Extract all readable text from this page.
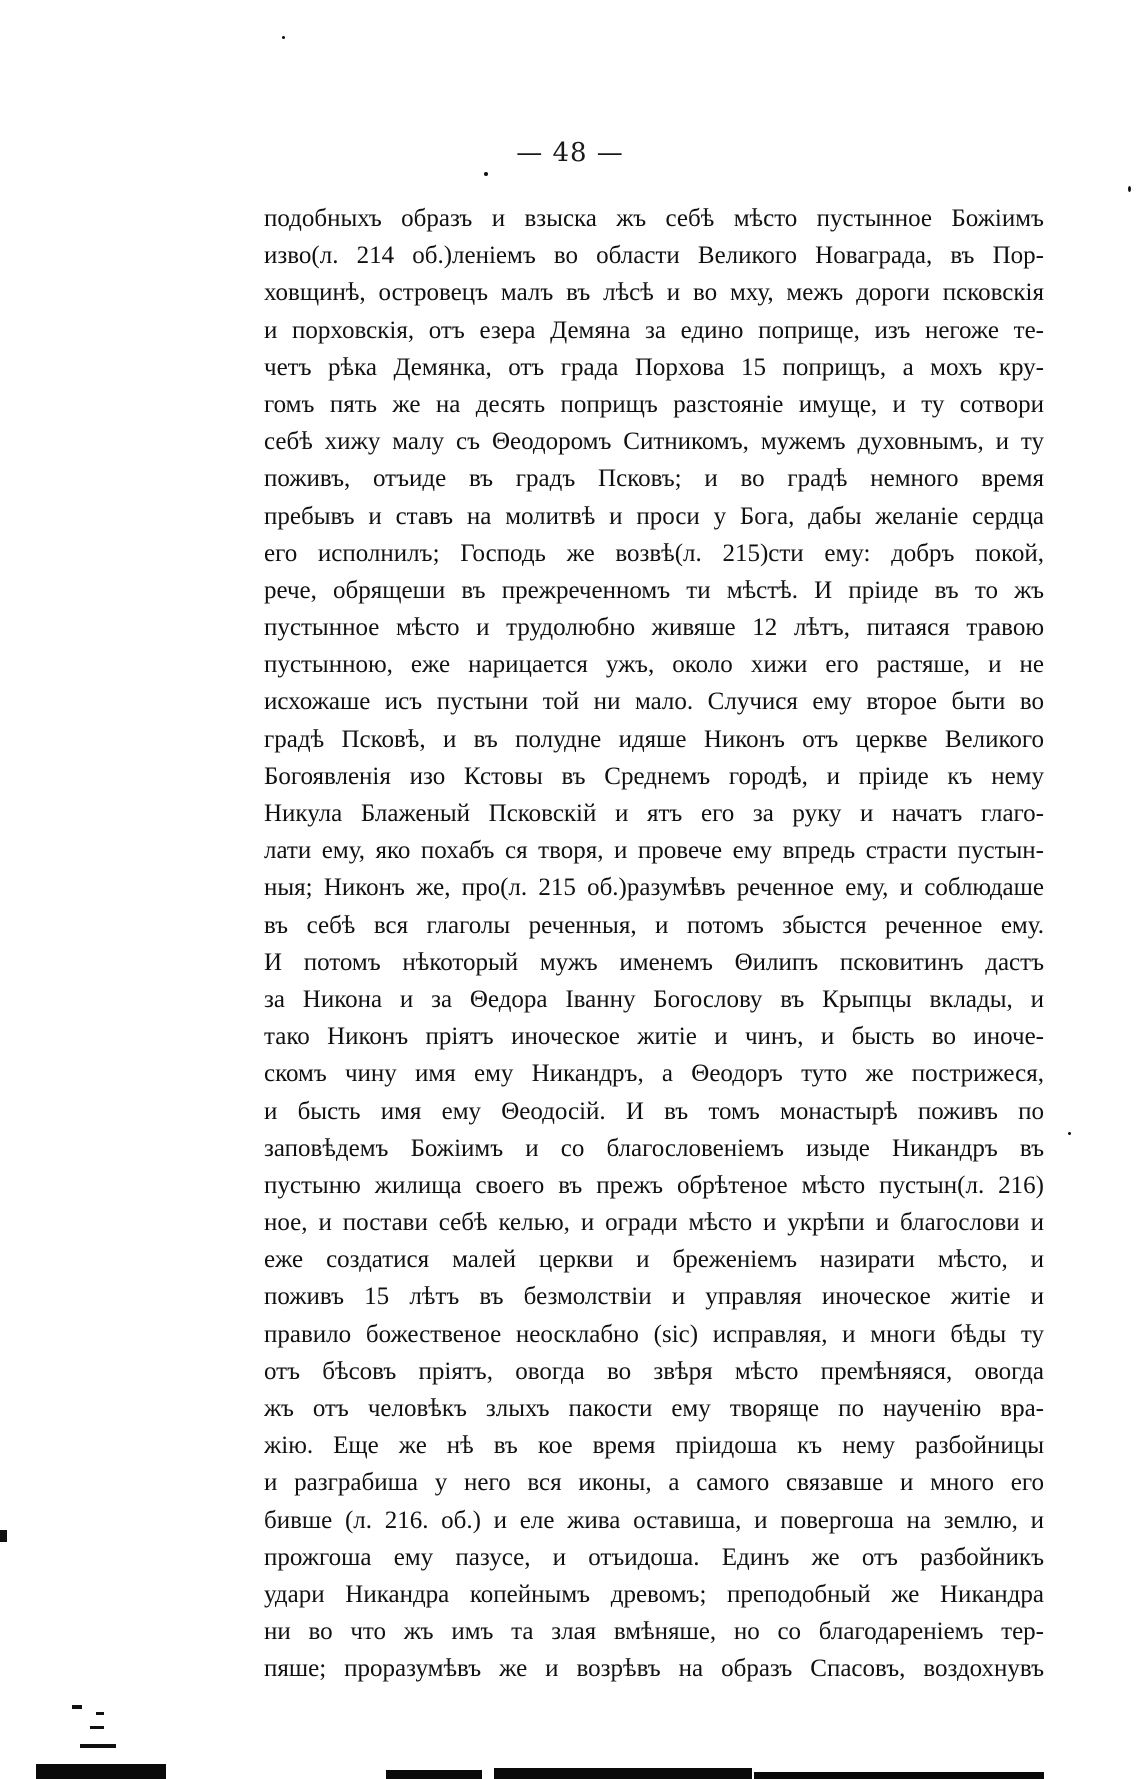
— 48 —
подобныхъ образъ и взыска жъ себѣ мѣсто пустынное Божіимъ
изво(л. 214 об.)леніемъ во области Великого Новаграда, въ Пор-
ховщинѣ, островецъ малъ въ лѣсѣ и во мху, межъ дороги псковскія
и порховскія, отъ езера Демяна за едино поприще, изъ негоже те-
четъ рѣка Демянка, отъ града Порхова 15 поприщъ, а мохъ кру-
гомъ пять же на десять поприщъ разстояніе имуще, и ту сотвори
себѣ хижу малу съ Θеодоромъ Ситникомъ, мужемъ духовнымъ, и ту
поживъ, отъиде въ градъ Псковъ; и во градѣ немного время
пребывъ и ставъ на молитвѣ и проси у Бога, дабы желаніе сердца
его исполнилъ; Господь же возвѣ(л. 215)сти ему: добръ покой,
рече, обрящеши въ прежреченномъ ти мѣстѣ. И пріиде въ то жъ
пустынное мѣсто и трудолюбно живяше 12 лѣтъ, питаяся травою
пустынною, еже нарицается ужъ, около хижи его растяше, и не
исхожаше исъ пустыни той ни мало. Случися ему второе быти во
градѣ Псковѣ, и въ полудне идяше Никонъ отъ церкве Великого
Богоявленія изо Кстовы въ Среднемъ городѣ, и пріиде къ нему
Никула Блаженый Псковскій и ятъ его за руку и начатъ глаго-
лати ему, яко похабъ ся творя, и провече ему впредь страсти пустын-
ныя; Никонъ же, про(л. 215 об.)разумѣвъ реченное ему, и соблюдаше
въ себѣ вся глаголы реченныя, и потомъ збыстся реченное ему.
И потомъ нѣкоторый мужъ именемъ Θилипъ псковитинъ дастъ
за Никона и за Θедора Іванну Богослову въ Крыпцы вклады, и
тако Никонъ пріятъ иноческое житіе и чинъ, и бысть во иноче-
скомъ чину имя ему Никандръ, а Θеодоръ туто же пострижеся,
и бысть имя ему Θеодосій. И въ томъ монастырѣ поживъ по
заповѣдемъ Божіимъ и со благословеніемъ изыде Никандръ въ
пустыню жилища своего въ прежъ обрѣтеное мѣсто пустын(л. 216)
ное, и постави себѣ келью, и огради мѣсто и укрѣпи и благослови и
еже создатися малей церкви и бреженіемъ назирати мѣсто, и
поживъ 15 лѣтъ въ безмолствіи и управляя иноческое житіе и
правило божественое неосклабно (sic) исправляя, и многи бѣды ту
отъ бѣсовъ пріятъ, овогда во звѣря мѣсто премѣняяся, овогда
жъ отъ человѣкъ злыхъ пакости ему творяще по наученію вра-
жію. Еще же нѣ въ кое время пріидоша къ нему разбойницы
и разграбиша у него вся иконы, а самого связавше и много его
бивше (л. 216. об.) и еле жива оставиша, и повергоша на землю, и
прожгоша ему пазусе, и отъидоша. Единъ же отъ разбойникъ
удари Никандра копейнымъ древомъ; преподобный же Никандра
ни во что жъ имъ та злая вмѣняше, но со благодареніемъ тер-
пяше; проразумѣвъ же и возрѣвъ на образъ Спасовъ, воздохнувъ
